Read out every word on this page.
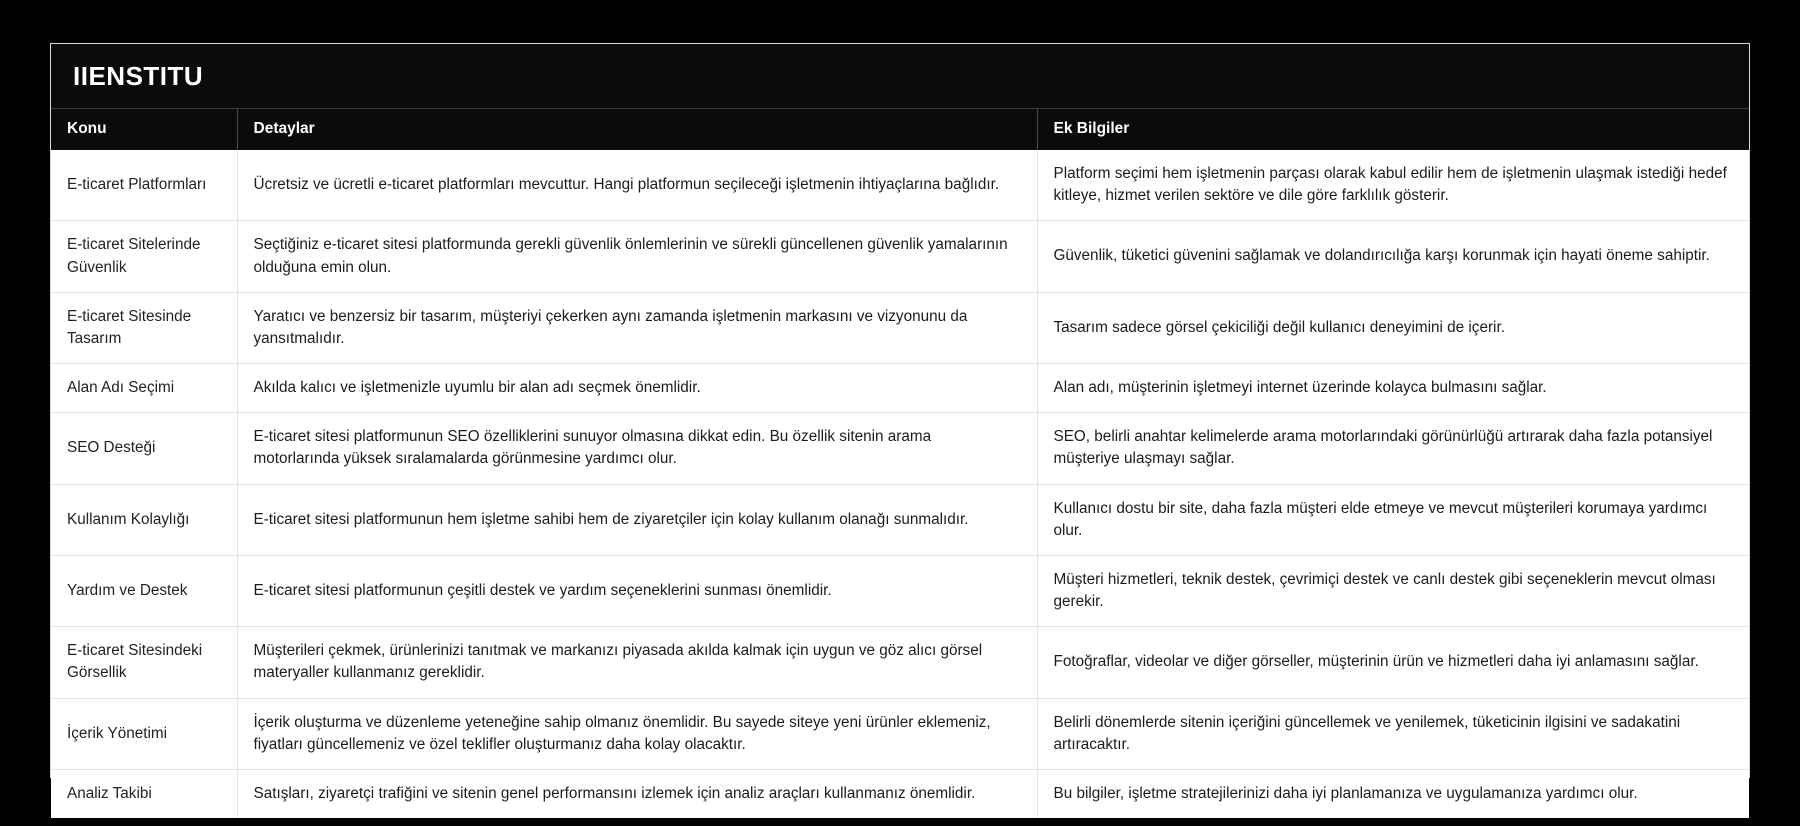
IIENSTITU
Konu	Detaylar	Ek Bilgiler
E-ticaret Platformları	Ücretsiz ve ücretli e-ticaret platformları mevcuttur. Hangi platformun seçileceği işletmenin ihtiyaçlarına bağlıdır.	Platform seçimi hem işletmenin parçası olarak kabul edilir hem de işletmenin ulaşmak istediği hedef kitleye, hizmet verilen sektöre ve dile göre farklılık gösterir.
E-ticaret Sitelerinde Güvenlik	Seçtiğiniz e-ticaret sitesi platformunda gerekli güvenlik önlemlerinin ve sürekli güncellenen güvenlik yamalarının olduğuna emin olun.	Güvenlik, tüketici güvenini sağlamak ve dolandırıcılığa karşı korunmak için hayati öneme sahiptir.
E-ticaret Sitesinde Tasarım	Yaratıcı ve benzersiz bir tasarım, müşteriyi çekerken aynı zamanda işletmenin markasını ve vizyonunu da yansıtmalıdır.	Tasarım sadece görsel çekiciliği değil kullanıcı deneyimini de içerir.
Alan Adı Seçimi	Akılda kalıcı ve işletmenizle uyumlu bir alan adı seçmek önemlidir.	Alan adı, müşterinin işletmeyi internet üzerinde kolayca bulmasını sağlar.
SEO Desteği	E-ticaret sitesi platformunun SEO özelliklerini sunuyor olmasına dikkat edin. Bu özellik sitenin arama motorlarında yüksek sıralamalarda görünmesine yardımcı olur.	SEO, belirli anahtar kelimelerde arama motorlarındaki görünürlüğü artırarak daha fazla potansiyel müşteriye ulaşmayı sağlar.
Kullanım Kolaylığı	E-ticaret sitesi platformunun hem işletme sahibi hem de ziyaretçiler için kolay kullanım olanağı sunmalıdır.	Kullanıcı dostu bir site, daha fazla müşteri elde etmeye ve mevcut müşterileri korumaya yardımcı olur.
Yardım ve Destek	E-ticaret sitesi platformunun çeşitli destek ve yardım seçeneklerini sunması önemlidir.	Müşteri hizmetleri, teknik destek, çevrimiçi destek ve canlı destek gibi seçeneklerin mevcut olması gerekir.
E-ticaret Sitesindeki Görsellik	Müşterileri çekmek, ürünlerinizi tanıtmak ve markanızı piyasada akılda kalmak için uygun ve göz alıcı görsel materyaller kullanmanız gereklidir.	Fotoğraflar, videolar ve diğer görseller, müşterinin ürün ve hizmetleri daha iyi anlamasını sağlar.
İçerik Yönetimi	İçerik oluşturma ve düzenleme yeteneğine sahip olmanız önemlidir. Bu sayede siteye yeni ürünler eklemeniz, fiyatları güncellemeniz ve özel teklifler oluşturmanız daha kolay olacaktır.	Belirli dönemlerde sitenin içeriğini güncellemek ve yenilemek, tüketicinin ilgisini ve sadakatini artıracaktır.
Analiz Takibi	Satışları, ziyaretçi trafiğini ve sitenin genel performansını izlemek için analiz araçları kullanmanız önemlidir.	Bu bilgiler, işletme stratejilerinizi daha iyi planlamanıza ve uygulamanıza yardımcı olur.
